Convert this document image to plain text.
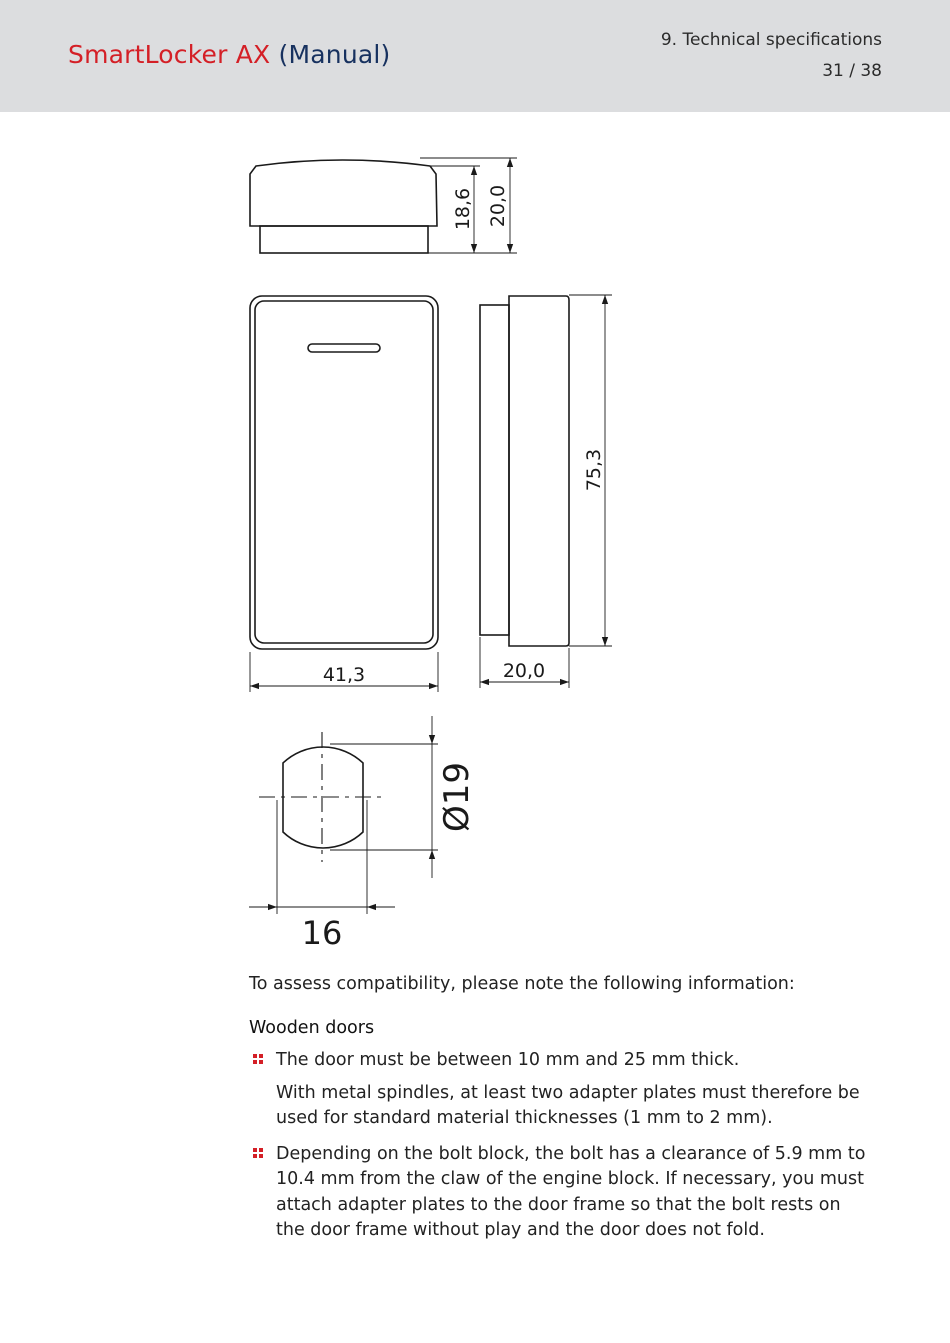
SmartLocker AX (Manual)	9. Technical specifications
31 / 38
18,6 20,0
41,3
75,3
20,0
Ø19
16
To assess compatibility, please note the following information:
Wooden doors

The door must be between 10 mm and 25 mm thick.

With metal spindles, at least two adapter plates must therefore be used for standard material thicknesses (1 mm to 2 mm).

Depending on the bolt block, the bolt has a clearance of 5.9 mm to 10.4 mm from the claw of the engine block. If necessary, you must attach adapter plates to the door frame so that the bolt rests on the door frame without play and the door does not fold.
